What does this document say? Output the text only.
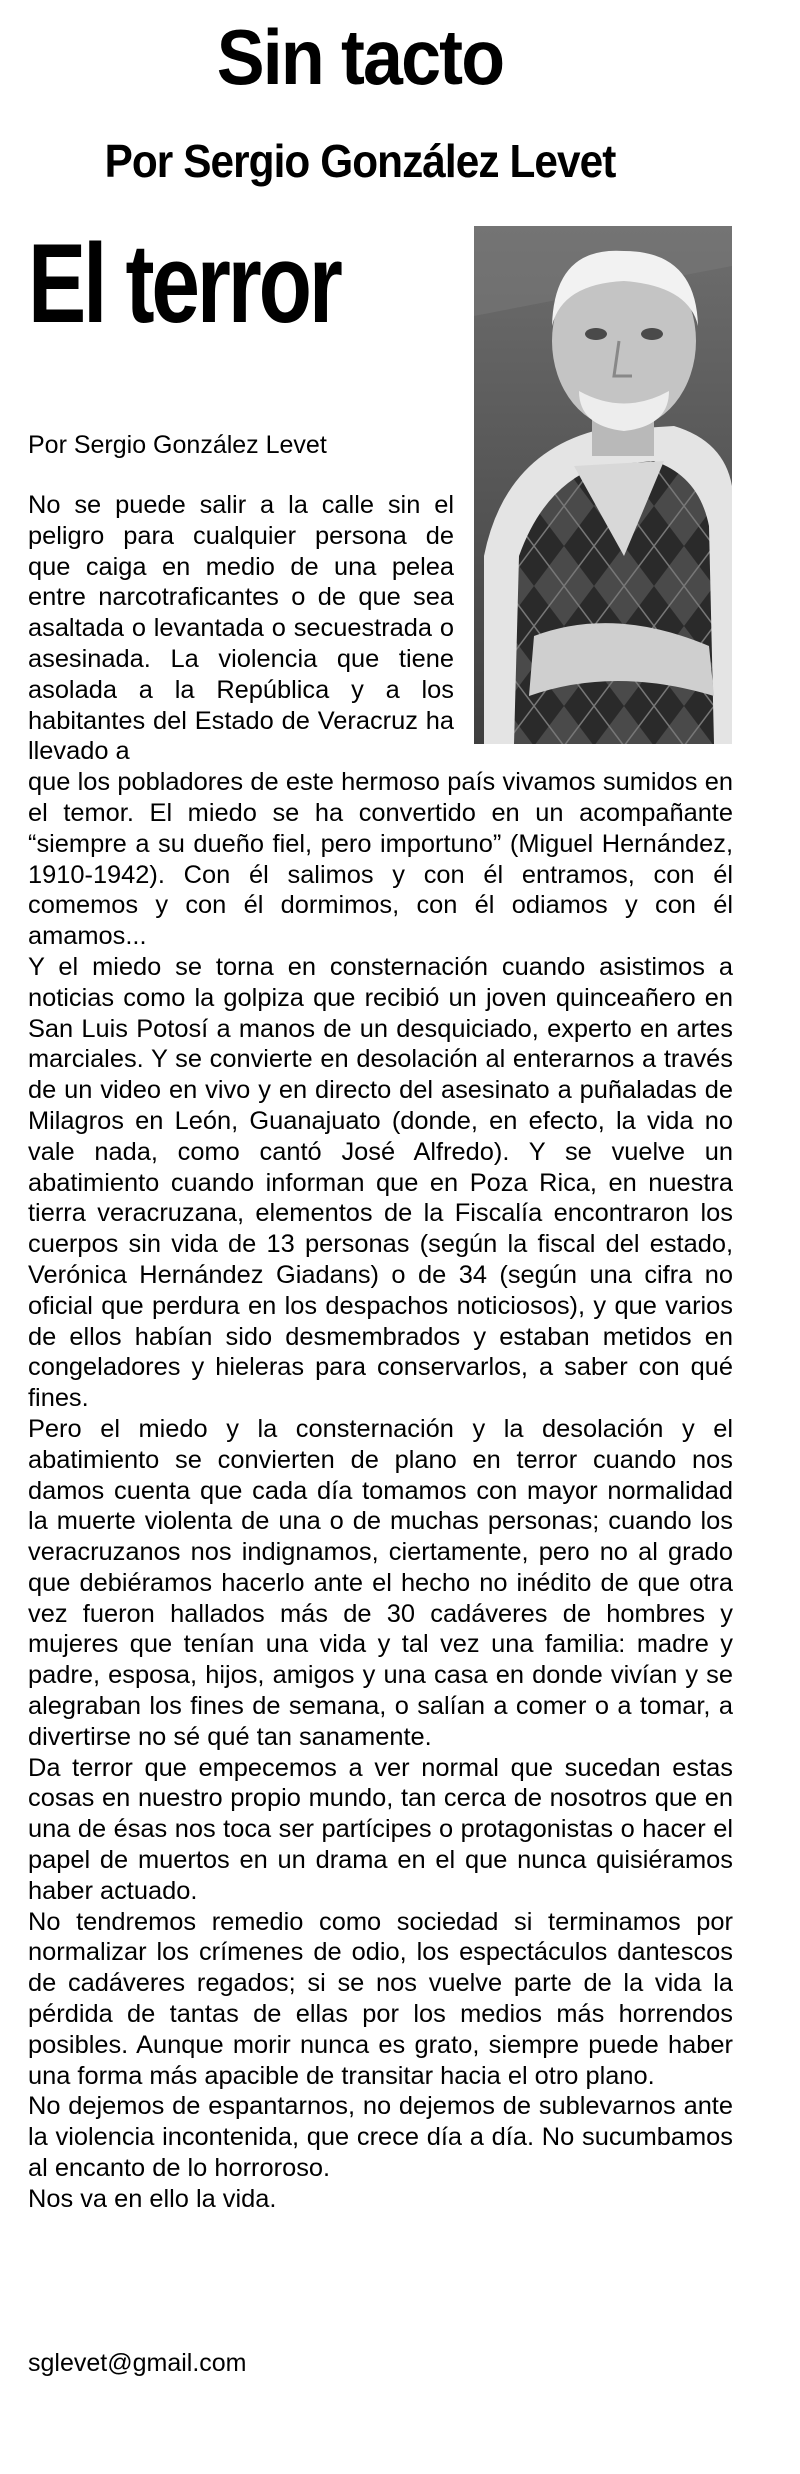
Sin tacto
Por Sergio González Levet
El terror

Por Sergio González Levet

No se puede salir a la calle sin el peligro para cualquier persona de que caiga en medio de una pelea entre narcotraficantes o de que sea asaltada o levantada o secuestrada o asesinada. La violencia que tiene asolada a la República y a los habitantes del Estado de Veracruz ha llevado a

que los pobladores de este hermoso país vivamos sumidos en el temor. El miedo se ha convertido en un acompañante “siempre a su dueño fiel, pero importuno” (Miguel Hernández, 1910-1942). Con él salimos y con él entramos, con él comemos y con él dormimos, con él odiamos y con él amamos...

Y el miedo se torna en consternación cuando asistimos a noticias como la golpiza que recibió un joven quinceañero en San Luis Potosí a manos de un desquiciado, experto en artes marciales. Y se convierte en desolación al enterarnos a través de un video en vivo y en directo del asesinato a puñaladas de Milagros en León, Guanajuato (donde, en efecto, la vida no vale nada, como cantó José Alfredo). Y se vuelve un abatimiento cuando informan que en Poza Rica, en nuestra tierra veracruzana, elementos de la Fiscalía encontraron los cuerpos sin vida de 13 personas (según la fiscal del estado, Verónica Hernández Giadans) o de 34 (según una cifra no oficial que perdura en los despachos noticiosos), y que varios de ellos habían sido desmembrados y estaban metidos en congeladores y hieleras para conservarlos, a saber con qué fines.

Pero el miedo y la consternación y la desolación y el abatimiento se convierten de plano en terror cuando nos damos cuenta que cada día tomamos con mayor normalidad la muerte violenta de una o de muchas personas; cuando los veracruzanos nos indignamos, ciertamente, pero no al grado que debiéramos hacerlo ante el hecho no inédito de que otra vez fueron hallados más de 30 cadáveres de hombres y mujeres que tenían una vida y tal vez una familia: madre y padre, esposa, hijos, amigos y una casa en donde vivían y se alegraban los fines de semana, o salían a comer o a tomar, a divertirse no sé qué tan sanamente.

Da terror que empecemos a ver normal que sucedan estas cosas en nuestro propio mundo, tan cerca de nosotros que en una de ésas nos toca ser partícipes o protagonistas o hacer el papel de muertos en un drama en el que nunca quisiéramos haber actuado.

No tendremos remedio como sociedad si terminamos por normalizar los crímenes de odio, los espectáculos dantescos de cadáveres regados; si se nos vuelve parte de la vida la pérdida de tantas de ellas por los medios más horrendos posibles. Aunque morir nunca es grato, siempre puede haber una forma más apacible de transitar hacia el otro plano.

No dejemos de espantarnos, no dejemos de sublevarnos ante la violencia incontenida, que crece día a día. No sucumbamos al encanto de lo horroroso.

Nos va en ello la vida.

sglevet@gmail.com
